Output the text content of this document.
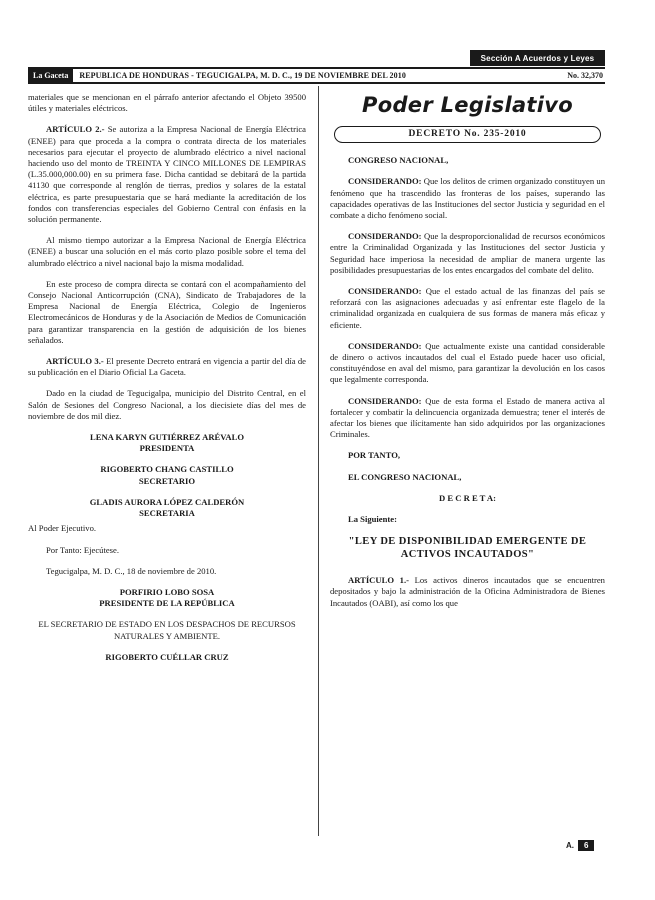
Sección A Acuerdos y Leyes
La Gaceta	REPUBLICA DE HONDURAS - TEGUCIGALPA, M. D. C., 19 DE NOVIEMBRE DEL 2010	No. 32,370

materiales que se mencionan en el párrafo anterior afectando el Objeto 39500 útiles y materiales eléctricos.

ARTÍCULO 2.- Se autoriza a la Empresa Nacional de Energía Eléctrica (ENEE) para que proceda a la compra o contrata directa de los materiales necesarios para ejecutar el proyecto de alumbrado eléctrico a nivel nacional haciendo uso del monto de TREINTA Y CINCO MILLONES DE LEMPIRAS (L.35.000,000.00) en su primera fase. Dicha cantidad se debitará de la partida 41130 que corresponde al renglón de tierras, predios y solares de la estatal eléctrica, es parte presupuestaria que se hará mediante la acreditación de los fondos con transferencias especiales del Gobierno Central con énfasis en la solución permanente.

Al mismo tiempo autorizar a la Empresa Nacional de Energía Eléctrica (ENEE) a buscar una solución en el más corto plazo posible sobre el tema del alumbrado eléctrico a nivel nacional bajo la misma modalidad.

En este proceso de compra directa se contará con el acompañamiento del Consejo Nacional Anticorrupción (CNA), Sindicato de Trabajadores de la Empresa Nacional de Energía Eléctrica, Colegio de Ingenieros Electromecánicos de Honduras y de la Asociación de Medios de Comunicación para garantizar transparencia en la gestión de adquisición de los bienes señalados.

ARTÍCULO 3.- El presente Decreto entrará en vigencia a partir del día de su publicación en el Diario Oficial La Gaceta.

Dado en la ciudad de Tegucigalpa, municipio del Distrito Central, en el Salón de Sesiones del Congreso Nacional, a los diecisiete días del mes de noviembre de dos mil diez.

LENA KARYN GUTIÉRREZ ARÉVALO
PRESIDENTA
RIGOBERTO CHANG CASTILLO
SECRETARIO
GLADIS AURORA LÓPEZ CALDERÓN
SECRETARIA

Al Poder Ejecutivo.

Por Tanto: Ejecútese.

Tegucigalpa, M. D. C., 18 de noviembre de 2010.

PORFIRIO LOBO SOSA
PRESIDENTE DE LA REPÚBLICA

EL SECRETARIO DE ESTADO EN LOS DESPACHOS DE RECURSOS NATURALES Y AMBIENTE.

RIGOBERTO CUÉLLAR CRUZ
Poder Legislativo
DECRETO No. 235-2010

CONGRESO NACIONAL,

CONSIDERANDO: Que los delitos de crimen organizado constituyen un fenómeno que ha trascendido las fronteras de los países, superando las capacidades operativas de las Instituciones del sector Justicia y seguridad en el combate a dicho fenómeno social.

CONSIDERANDO: Que la desproporcionalidad de recursos económicos entre la Criminalidad Organizada y las Instituciones del sector Justicia y Seguridad hace imperiosa la necesidad de ampliar de manera urgente las posibilidades presupuestarias de los entes encargados del combate del delito.

CONSIDERANDO: Que el estado actual de las finanzas del país se reforzará con las asignaciones adecuadas y así enfrentar este flagelo de la criminalidad organizada en cualquiera de sus formas de manera más eficaz y eficiente.

CONSIDERANDO: Que actualmente existe una cantidad considerable de dinero o activos incautados del cual el Estado puede hacer uso oficial, constituyéndose en aval del mismo, para garantizar la devolución en los casos que legalmente corresponda.

CONSIDERANDO: Que de esta forma el Estado de manera activa al fortalecer y combatir la delincuencia organizada demuestra; tener el interés de afectar los bienes que ilícitamente han sido adquiridos por las organizaciones Criminales.

POR TANTO,

EL CONGRESO NACIONAL,

D E C R E T A:

La Siguiente:

"LEY DE DISPONIBILIDAD EMERGENTE DE ACTIVOS INCAUTADOS"

ARTÍCULO 1.- Los activos dineros incautados que se encuentren depositados y bajo la administración de la Oficina Administradora de Bienes Incautados (OABI), así como los que

A.	6
